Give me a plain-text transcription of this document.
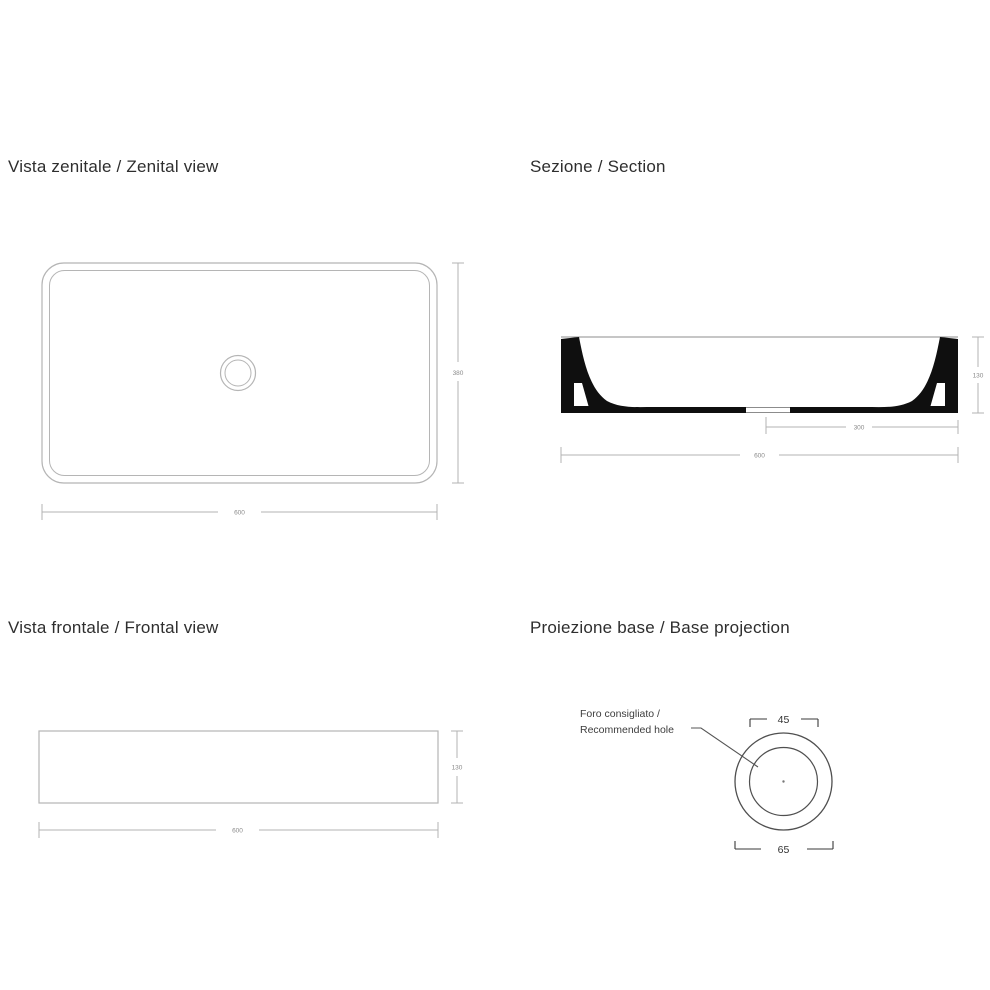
Vista zenitale / Zenital view
380
600
Sezione / Section
130
300
600
Vista frontale / Frontal view
130
600
Proiezione base / Base projection
45
65
Foro consigliato /
Recommended hole
